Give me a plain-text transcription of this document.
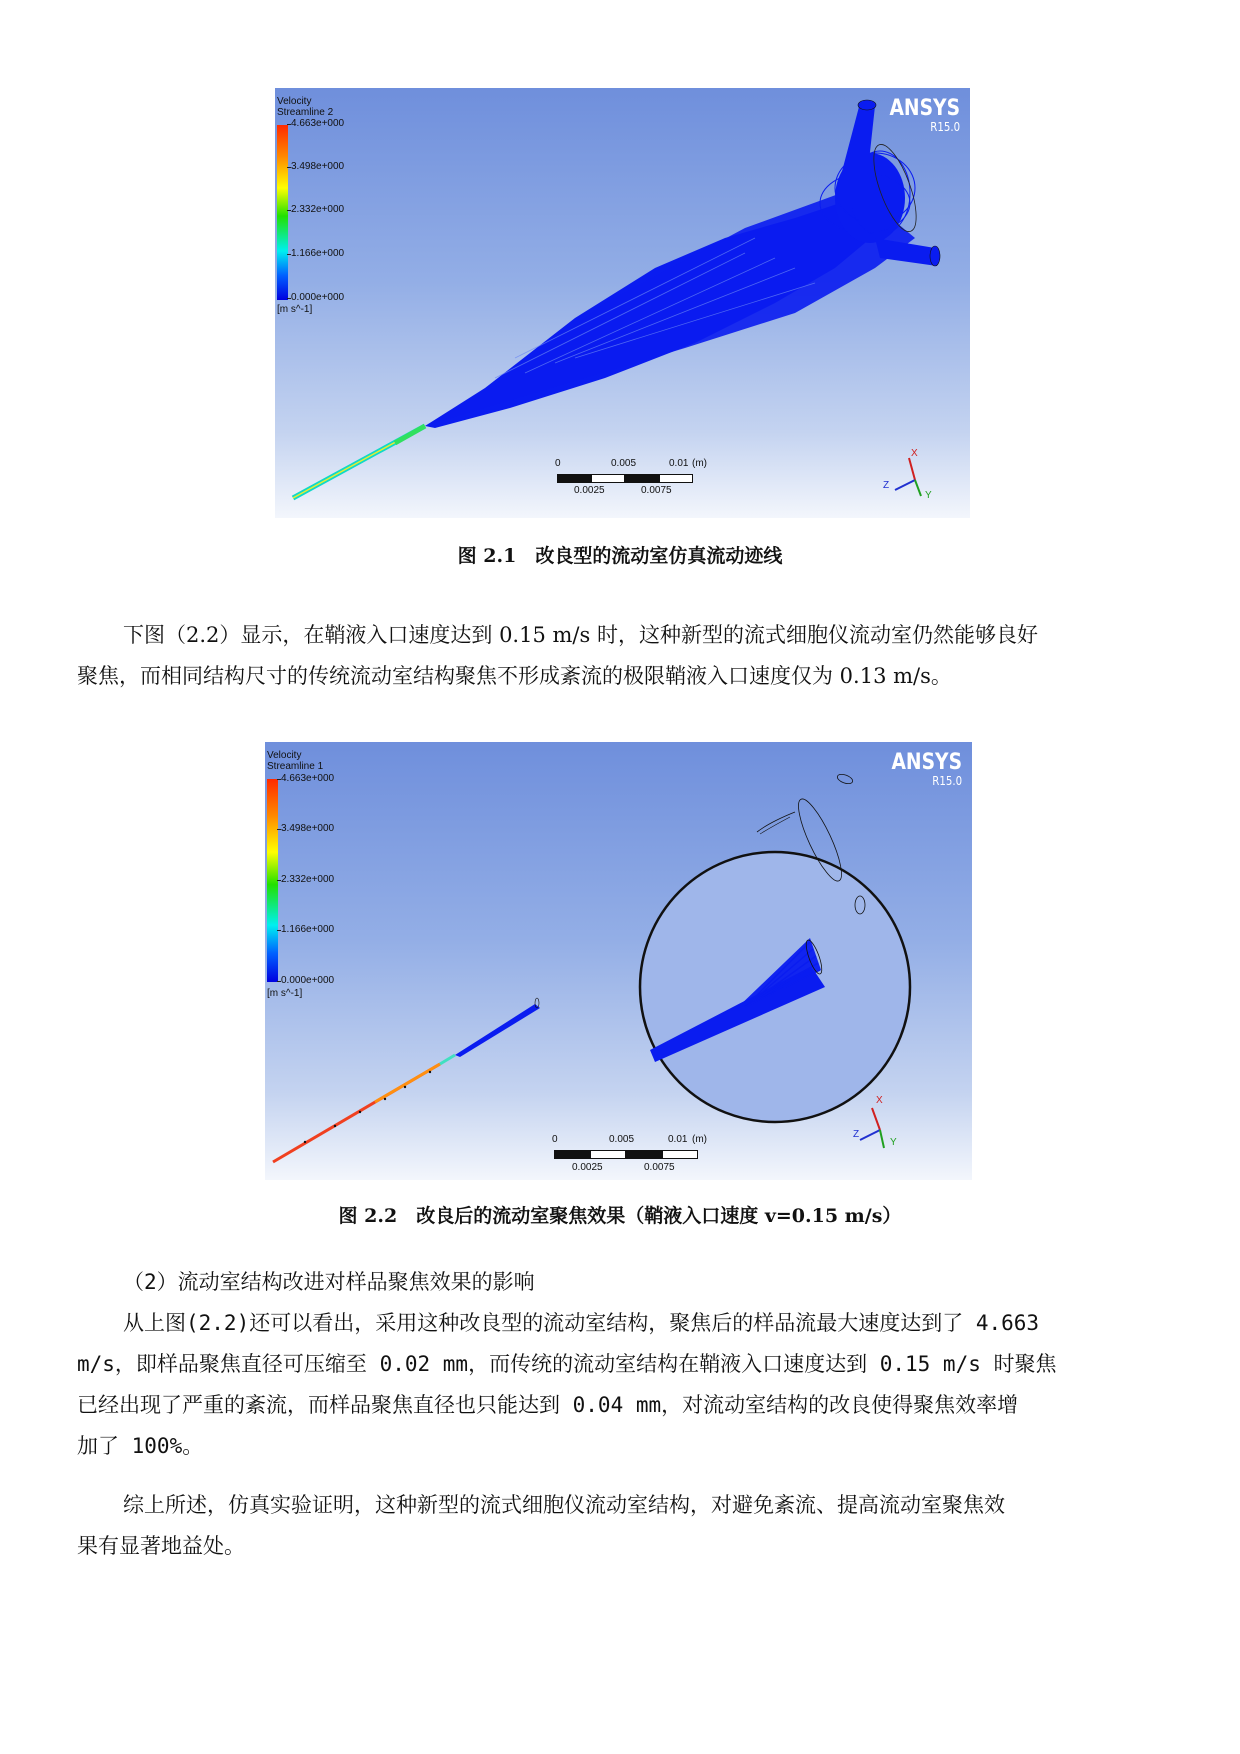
Velocity
Streamline 2
4.663e+000
3.498e+000
2.332e+000
1.166e+000
0.000e+000
[m s^-1]
ANSYS
R15.0
0	0.005	0.01 (m)
0.0025	0.0075
X
Z
Y
图 2.1　改良型的流动室仿真流动迹线
下图（2.2）显示，在鞘液入口速度达到 0.15 m/s 时，这种新型的流式细胞仪流动室仍然能够良好
聚焦，而相同结构尺寸的传统流动室结构聚焦不形成紊流的极限鞘液入口速度仅为 0.13 m/s。
Velocity
Streamline 1
4.663e+000
3.498e+000
2.332e+000
1.166e+000
0.000e+000
[m s^-1]
ANSYS
R15.0
0	0.005	0.01 (m)
0.0025	0.0075
X
Z
Y
图 2.2　改良后的流动室聚焦效果（鞘液入口速度 v=0.15 m/s）
（2）流动室结构改进对样品聚焦效果的影响
从上图(2.2)还可以看出，采用这种改良型的流动室结构，聚焦后的样品流最大速度达到了 4.663
m/s，即样品聚焦直径可压缩至 0.02 mm，而传统的流动室结构在鞘液入口速度达到 0.15 m/s 时聚焦
已经出现了严重的紊流，而样品聚焦直径也只能达到 0.04 mm，对流动室结构的改良使得聚焦效率增
加了 100%。
综上所述，仿真实验证明，这种新型的流式细胞仪流动室结构，对避免紊流、提高流动室聚焦效
果有显著地益处。
